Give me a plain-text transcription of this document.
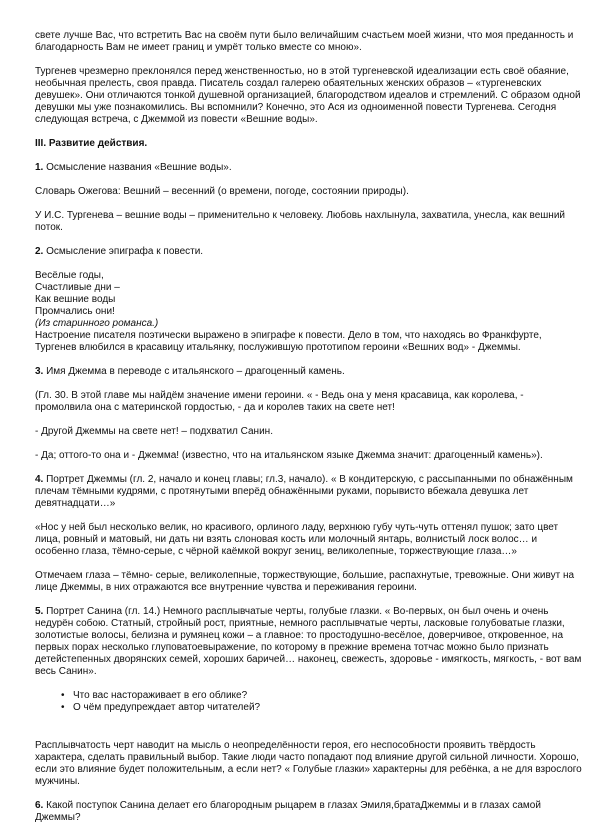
свете лучше Вас, что встретить Вас на своём пути было величайшим счастьем моей жизни, что моя преданность и благодарность Вам не имеет границ и умрёт только вместе со мною».

Тургенев чрезмерно преклонялся перед женственностью, но в этой тургеневской идеализации есть своё обаяние, необычная прелесть, своя правда. Писатель создал галерею обаятельных женских образов – «тургеневских девушек». Они отличаются тонкой душевной организацией, благородством идеалов и стремлений. С образом одной девушки мы уже познакомились. Вы вспомнили? Конечно, это Ася из одноименной повести Тургенева. Сегодня следующая встреча, с Джеммой из повести «Вешние воды».

III. Развитие действия.

1. Осмысление названия «Вешние воды».

Словарь Ожегова: Вешний – весенний (о времени, погоде, состоянии природы).

У И.С. Тургенева – вешние воды – применительно к человеку. Любовь нахлынула, захватила, унесла, как вешний поток.

2. Осмысление эпиграфа к повести.

Весёлые годы,
Счастливые дни –
Как вешние воды
Промчались они!
(Из старинного романса.)

Настроение писателя поэтически выражено в эпиграфе к повести. Дело в том, что находясь во Франкфурте, Тургенев влюбился в красавицу итальянку, послужившую прототипом героини «Вешних вод» - Джеммы.

3. Имя Джемма в переводе с итальянского – драгоценный камень.

(Гл. 30. В этой главе мы найдём значение имени героини. « - Ведь она у меня красавица, как королева, - промолвила она с материнской гордостью, - да и королев таких на свете нет!

- Другой Джеммы на свете нет! – подхватил Санин.

- Да; оттого-то она и - Джемма! (известно, что на итальянском языке Джемма значит: драгоценный камень»).

4. Портрет Джеммы (гл. 2, начало и конец главы; гл.3, начало). « В кондитерскую, с рассыпанными по обнажённым плечам тёмными кудрями, с протянутыми вперёд обнажёнными руками, порывисто вбежала девушка лет девятнадцати…»

«Нос у ней был несколько велик, но красивого, орлиного ладу, верхнюю губу чуть-чуть оттенял пушок; зато цвет лица, ровный и матовый, ни дать ни взять слоновая кость или молочный янтарь, волнистый лоск волос… и особенно глаза, тёмно-серые, с чёрной каёмкой вокруг зениц, великолепные, торжествующие глаза…»

Отмечаем глаза – тёмно- серые, великолепные, торжествующие, большие, распахнутые, тревожные. Они живут на лице Джеммы, в них отражаются все внутренние чувства и переживания героини.

5. Портрет Санина (гл. 14.) Немного расплывчатые черты, голубые глазки. « Во-первых, он был очень и очень недурён собою. Статный, стройный рост, приятные, немного расплывчатые черты, ласковые голубоватые глазки, золотистые волосы, белизна и румянец кожи – а главное: то простодушно-весёлое, доверчивое, откровенное, на первых порах несколько глуповатоевыражение, по которому в прежние времена тотчас можно было признать детейстепенных дворянских семей, хороших баричей… наконец, свежесть, здоровье - имягкость, мягкость, - вот вам весь Санин».

• Что вас настораживает в его облике?
• О чём предупреждает автор читателей?

Расплывчатость черт наводит на мысль о неопределённости героя, его неспособности проявить твёрдость характера, сделать правильный выбор. Такие люди часто попадают под влияние другой сильной личности. Хорошо, если это влияние будет положительным, а если нет? « Голубые глазки» характерны для ребёнка, а не для взрослого мужчины.

6. Какой поступок Санина делает его благородным рыцарем в глазах Эмиля,братаДжеммы и в глазах самой Джеммы?
